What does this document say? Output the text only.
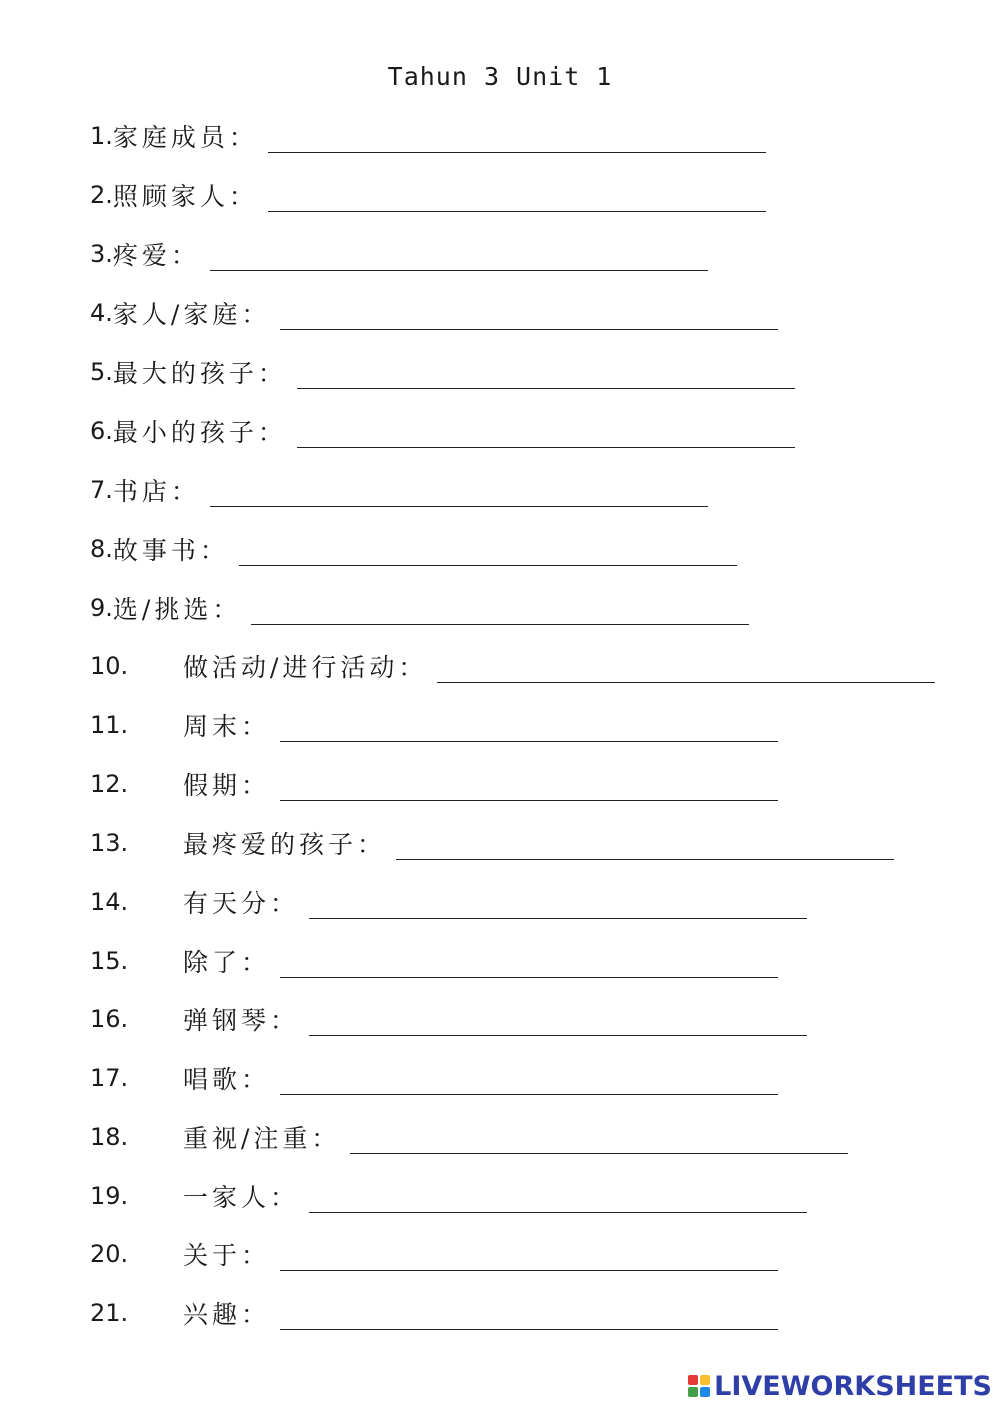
Tahun 3 Unit 1
1. 家庭成员：
2. 照顾家人：
3. 疼爱：
4. 家人/家庭：
5. 最大的孩子：
6. 最小的孩子：
7. 书店：
8. 故事书：
9. 选/挑选：
10.	做活动/进行活动：
11.	周末：
12.	假期：
13.	最疼爱的孩子：
14.	有天分：
15.	除了：
16.	弹钢琴：
17.	唱歌：
18.	重视/注重：
19.	一家人：
20.	关于：
21.	兴趣：
LIVEWORKSHEETS
